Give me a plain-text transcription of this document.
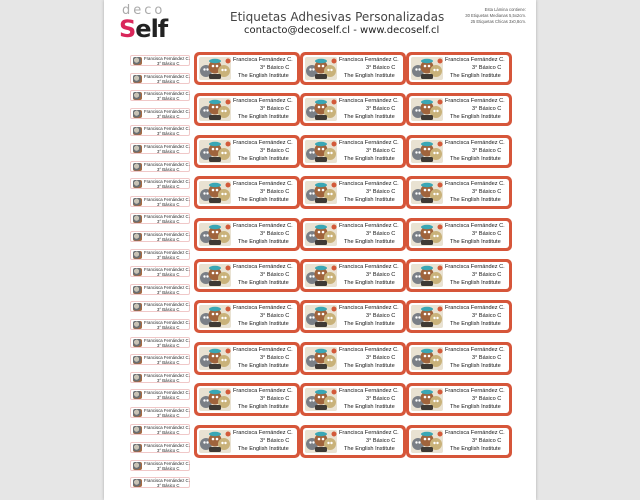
deco
Self	Etiquetas Adhesivas Personalizadas
contacto@decoself.cl - www.decoself.cl
Esta Lámina contiene:
30 Etiquetas Medianas 5,5x2cm.
25 Etiquetas Chicas 3x0,8cm.
Francisca Fernández C.
3° Básico C
Francisca Fernández C.
3° Básico C
Francisca Fernández C.
3° Básico C
Francisca Fernández C.
3° Básico C
Francisca Fernández C.
3° Básico C
Francisca Fernández C.
3° Básico C
Francisca Fernández C.
3° Básico C
Francisca Fernández C.
3° Básico C
Francisca Fernández C.
3° Básico C
Francisca Fernández C.
3° Básico C
Francisca Fernández C.
3° Básico C
Francisca Fernández C.
3° Básico C
Francisca Fernández C.
3° Básico C
Francisca Fernández C.
3° Básico C
Francisca Fernández C.
3° Básico C
Francisca Fernández C.
3° Básico C
Francisca Fernández C.
3° Básico C
Francisca Fernández C.
3° Básico C
Francisca Fernández C.
3° Básico C
Francisca Fernández C.
3° Básico C
Francisca Fernández C.
3° Básico C
Francisca Fernández C.
3° Básico C
Francisca Fernández C.
3° Básico C
Francisca Fernández C.
3° Básico C
Francisca Fernández C.
3° Básico C
Francisca Fernández C.
3° Básico C
The English Institute
Francisca Fernández C.
3° Básico C
The English Institute
Francisca Fernández C.
3° Básico C
The English Institute
Francisca Fernández C.
3° Básico C
The English Institute
Francisca Fernández C.
3° Básico C
The English Institute
Francisca Fernández C.
3° Básico C
The English Institute
Francisca Fernández C.
3° Básico C
The English Institute
Francisca Fernández C.
3° Básico C
The English Institute
Francisca Fernández C.
3° Básico C
The English Institute
Francisca Fernández C.
3° Básico C
The English Institute
Francisca Fernández C.
3° Básico C
The English Institute
Francisca Fernández C.
3° Básico C
The English Institute
Francisca Fernández C.
3° Básico C
The English Institute
Francisca Fernández C.
3° Básico C
The English Institute
Francisca Fernández C.
3° Básico C
The English Institute
Francisca Fernández C.
3° Básico C
The English Institute
Francisca Fernández C.
3° Básico C
The English Institute
Francisca Fernández C.
3° Básico C
The English Institute
Francisca Fernández C.
3° Básico C
The English Institute
Francisca Fernández C.
3° Básico C
The English Institute
Francisca Fernández C.
3° Básico C
The English Institute
Francisca Fernández C.
3° Básico C
The English Institute
Francisca Fernández C.
3° Básico C
The English Institute
Francisca Fernández C.
3° Básico C
The English Institute
Francisca Fernández C.
3° Básico C
The English Institute
Francisca Fernández C.
3° Básico C
The English Institute
Francisca Fernández C.
3° Básico C
The English Institute
Francisca Fernández C.
3° Básico C
The English Institute
Francisca Fernández C.
3° Básico C
The English Institute
Francisca Fernández C.
3° Básico C
The English Institute
